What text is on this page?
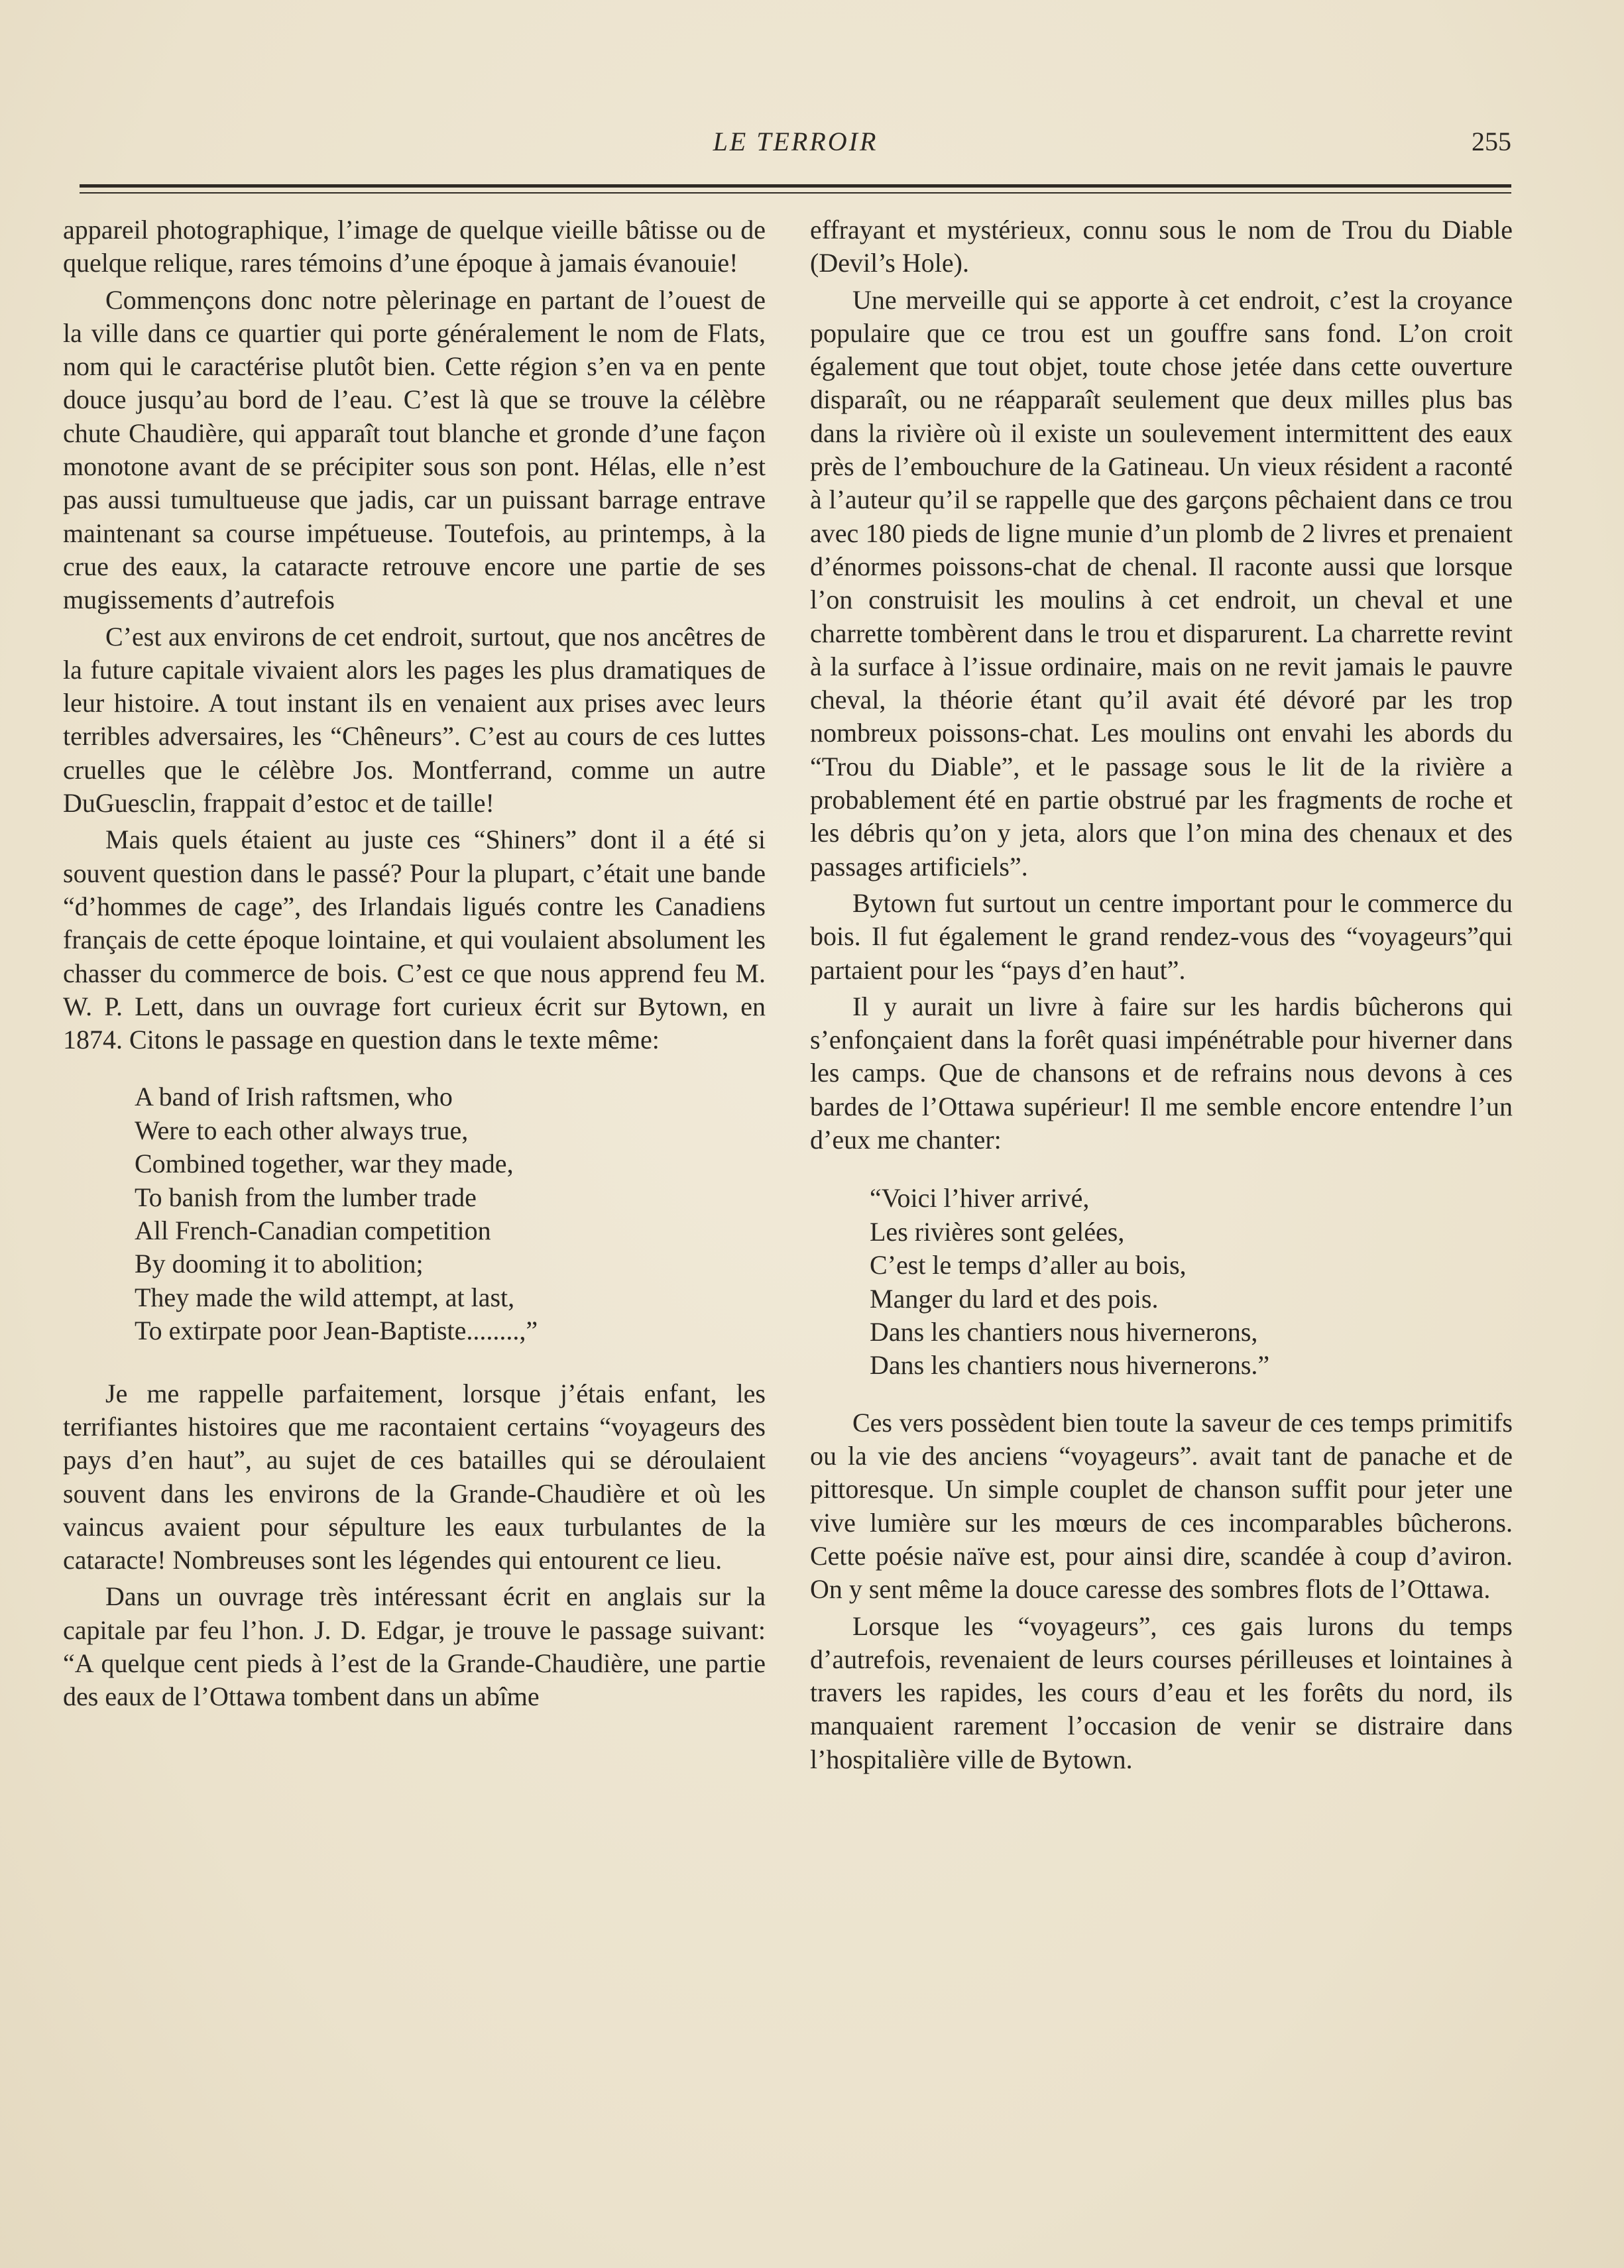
LE TERROIR	255

appareil photographique, l’image de quelque vieille bâtisse ou de quelque relique, rares témoins d’une époque à jamais évanouie!

Commençons donc notre pèlerinage en partant de l’ouest de la ville dans ce quartier qui porte généralement le nom de Flats, nom qui le caractérise plutôt bien. Cette région s’en va en pente douce jusqu’au bord de l’eau. C’est là que se trouve la célèbre chute Chaudière, qui apparaît tout blanche et gronde d’une façon monotone avant de se précipiter sous son pont. Hélas, elle n’est pas aussi tumultueuse que jadis, car un puissant barrage entrave maintenant sa course impétueuse. Toutefois, au printemps, à la crue des eaux, la cataracte retrouve encore une partie de ses mugissements d’autrefois

C’est aux environs de cet endroit, surtout, que nos ancêtres de la future capitale vivaient alors les pages les plus dramatiques de leur histoire. A tout instant ils en venaient aux prises avec leurs terribles adversaires, les “Chêneurs”. C’est au cours de ces luttes cruelles que le célèbre Jos. Montferrand, comme un autre DuGuesclin, frappait d’estoc et de taille!

Mais quels étaient au juste ces “Shiners” dont il a été si souvent question dans le passé? Pour la plupart, c’était une bande “d’hommes de cage”, des Irlandais ligués contre les Canadiens français de cette époque lointaine, et qui voulaient absolument les chasser du commerce de bois. C’est ce que nous apprend feu M. W. P. Lett, dans un ouvrage fort curieux écrit sur Bytown, en 1874. Citons le passage en question dans le texte même:

A band of Irish raftsmen, who
Were to each other always true,
Combined together, war they made,
To banish from the lumber trade
All French-Canadian competition
By dooming it to abolition;
They made the wild attempt, at last,
To extirpate poor Jean-Baptiste........,”

Je me rappelle parfaitement, lorsque j’étais enfant, les terrifiantes histoires que me racontaient certains “voyageurs des pays d’en haut”, au sujet de ces batailles qui se déroulaient souvent dans les environs de la Grande-Chaudière et où les vaincus avaient pour sépulture les eaux turbulantes de la cataracte! Nombreuses sont les légendes qui entourent ce lieu.

Dans un ouvrage très intéressant écrit en anglais sur la capitale par feu l’hon. J. D. Edgar, je trouve le passage suivant: “A quelque cent pieds à l’est de la Grande-Chaudière, une partie des eaux de l’Ottawa tombent dans un abîme

effrayant et mystérieux, connu sous le nom de Trou du Diable (Devil’s Hole).

Une merveille qui se apporte à cet endroit, c’est la croyance populaire que ce trou est un gouffre sans fond. L’on croit également que tout objet, toute chose jetée dans cette ouverture disparaît, ou ne réapparaît seulement que deux milles plus bas dans la rivière où il existe un soulevement intermittent des eaux près de l’embouchure de la Gatineau. Un vieux résident a raconté à l’auteur qu’il se rappelle que des garçons pêchaient dans ce trou avec 180 pieds de ligne munie d’un plomb de 2 livres et prenaient d’énormes poissons-chat de chenal. Il raconte aussi que lorsque l’on construisit les moulins à cet endroit, un cheval et une charrette tombèrent dans le trou et disparurent. La charrette revint à la surface à l’issue ordinaire, mais on ne revit jamais le pauvre cheval, la théorie étant qu’il avait été dévoré par les trop nombreux poissons-chat. Les moulins ont envahi les abords du “Trou du Diable”, et le passage sous le lit de la rivière a probablement été en partie obstrué par les fragments de roche et les débris qu’on y jeta, alors que l’on mina des chenaux et des passages artificiels”.

Bytown fut surtout un centre important pour le commerce du bois. Il fut également le grand rendez-vous des “voyageurs”qui partaient pour les “pays d’en haut”.

Il y aurait un livre à faire sur les hardis bûcherons qui s’enfonçaient dans la forêt quasi impénétrable pour hiverner dans les camps. Que de chansons et de refrains nous devons à ces bardes de l’Ottawa supérieur! Il me semble encore entendre l’un d’eux me chanter:

“Voici l’hiver arrivé,
Les rivières sont gelées,
C’est le temps d’aller au bois,
Manger du lard et des pois.
Dans les chantiers nous hivernerons,
Dans les chantiers nous hivernerons.”

Ces vers possèdent bien toute la saveur de ces temps primitifs ou la vie des anciens “voyageurs”. avait tant de panache et de pittoresque. Un simple couplet de chanson suffit pour jeter une vive lumière sur les mœurs de ces incomparables bûcherons. Cette poésie naïve est, pour ainsi dire, scandée à coup d’aviron. On y sent même la douce caresse des sombres flots de l’Ottawa.

Lorsque les “voyageurs”, ces gais lurons du temps d’autrefois, revenaient de leurs courses périlleuses et lointaines à travers les rapides, les cours d’eau et les forêts du nord, ils manquaient rarement l’occasion de venir se distraire dans l’hospitalière ville de Bytown.
